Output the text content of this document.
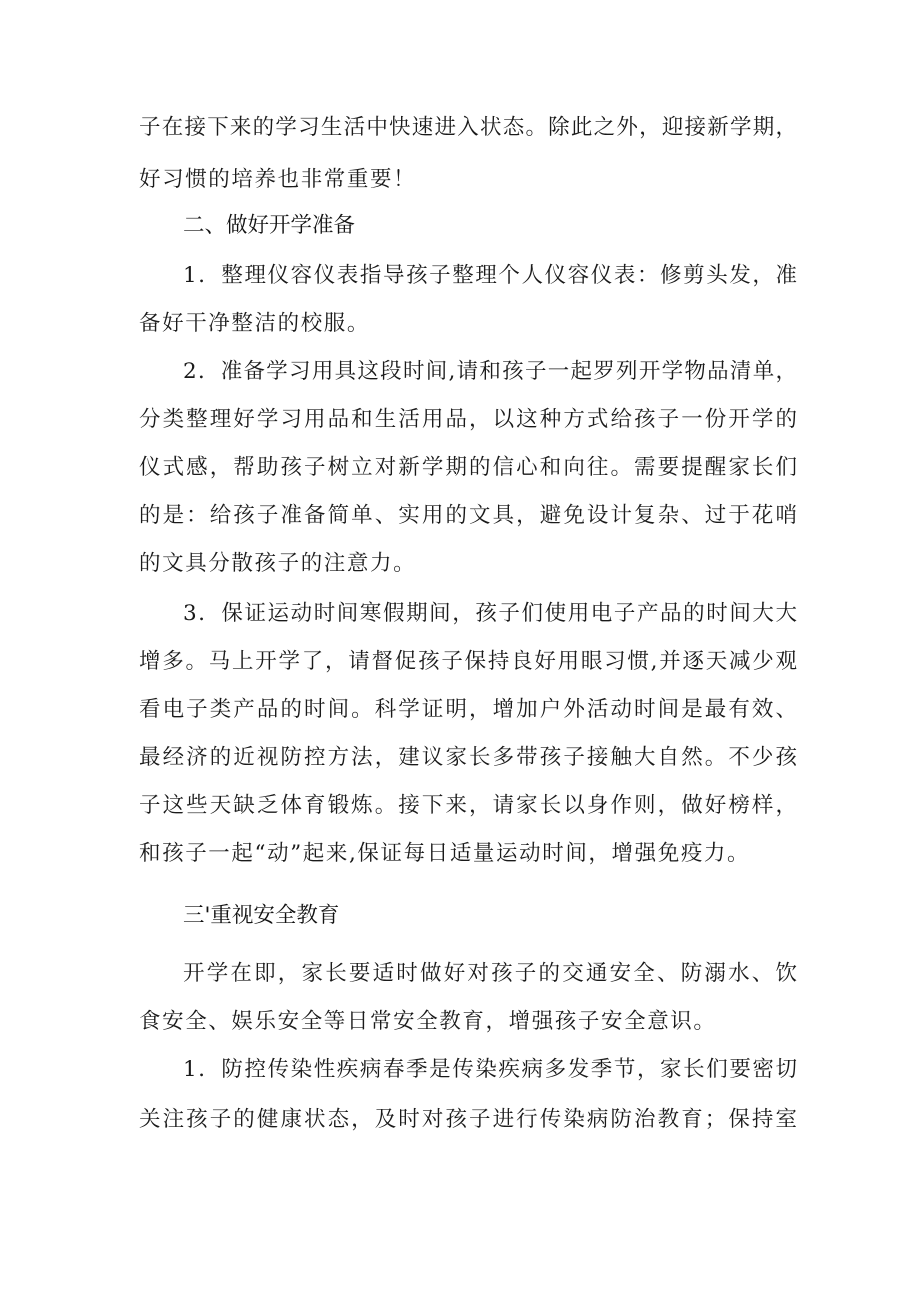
子在接下来的学习生活中快速进入状态。除此之外，迎接新学期，
好习惯的培养也非常重要！
二、做好开学准备
1．整理仪容仪表指导孩子整理个人仪容仪表：修剪头发，准
备好干净整洁的校服。
2．准备学习用具这段时间,请和孩子一起罗列开学物品清单，
分类整理好学习用品和生活用品，以这种方式给孩子一份开学的
仪式感，帮助孩子树立对新学期的信心和向往。需要提醒家长们
的是：给孩子准备简单、实用的文具，避免设计复杂、过于花哨
的文具分散孩子的注意力。
3．保证运动时间寒假期间，孩子们使用电子产品的时间大大
增多。马上开学了，请督促孩子保持良好用眼习惯,并逐天减少观
看电子类产品的时间。科学证明，增加户外活动时间是最有效、
最经济的近视防控方法，建议家长多带孩子接触大自然。不少孩
子这些天缺乏体育锻炼。接下来，请家长以身作则，做好榜样，
和孩子一起“动”起来,保证每日适量运动时间，增强免疫力。
三'重视安全教育
开学在即，家长要适时做好对孩子的交通安全、防溺水、饮
食安全、娱乐安全等日常安全教育，增强孩子安全意识。
1．防控传染性疾病春季是传染疾病多发季节，家长们要密切
关注孩子的健康状态，及时对孩子进行传染病防治教育；保持室
